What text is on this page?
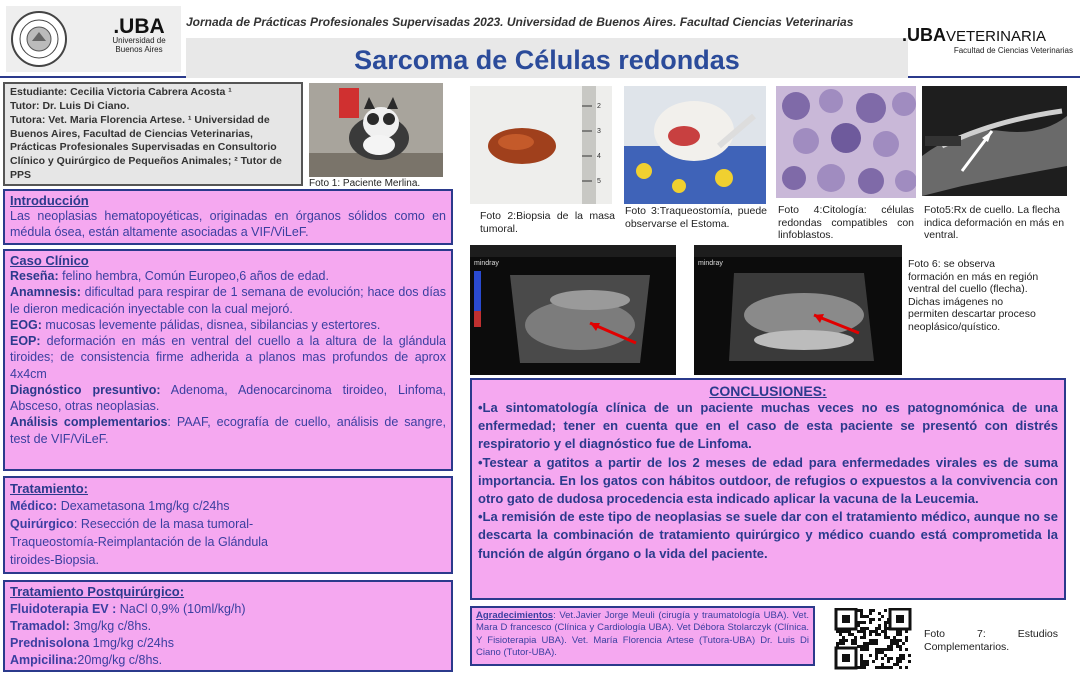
.UBA
Universidad de
Buenos Aires
Jornada de Prácticas Profesionales Supervisadas 2023. Universidad de Buenos Aires. Facultad Ciencias Veterinarias
Sarcoma de Células redondas
.UBAVETERINARIA
Facultad de Ciencias Veterinarias
Estudiante: Cecilia Victoria Cabrera Acosta ¹
Tutor: Dr. Luis Di Ciano.
Tutora: Vet. Maria Florencia Artese. ¹ Universidad de Buenos Aires, Facultad de Ciencias Veterinarias, Prácticas Profesionales Supervisadas en Consultorio Clínico y Quirúrgico de Pequeños Animales; ² Tutor de PPS
Foto 1: Paciente Merlina.
Introducción
Las neoplasias hematopoyéticas, originadas en órganos sólidos como en médula ósea, están altamente asociadas a VIF/ViLeF.
Caso Clínico
Reseña: felino hembra, Común Europeo,6 años de edad.
Anamnesis: dificultad para respirar de 1 semana de evolución; hace dos días le dieron medicación inyectable con la cual mejoró.
EOG: mucosas levemente pálidas, disnea, sibilancias y estertores.
EOP: deformación en más en ventral del cuello a la altura de la glándula tiroides; de consistencia firme adherida a planos mas profundos de aprox 4x4cm
Diagnóstico presuntivo: Adenoma, Adenocarcinoma tiroideo, Linfoma, Absceso, otras neoplasias.
Análisis complementarios: PAAF, ecografía de cuello, análisis de sangre, test de VIF/ViLeF.
Tratamiento:
Médico: Dexametasona 1mg/kg c/24hs
Quirúrgico: Resección de la masa tumoral-Traqueostomía-Reimplantación de la Glándula tiroides-Biopsia.
Tratamiento Postquirúrgico:
Fluidoterapia EV : NaCl 0,9% (10ml/kg/h)
Tramadol: 3mg/kg c/8hs.
Prednisolona 1mg/kg c/24hs
Ampicilina:20mg/kg c/8hs.
2
3
4
5
Foto 2:Biopsia de la masa tumoral.
Foto 3:Traqueostomía, puede observarse el Estoma.
Foto 4:Citología: células redondas compatibles con linfoblastos.
Foto5:Rx de cuello. La flecha indica deformación en más en ventral.
mindray	mindray	Foto 6: se observa formación en más en región ventral del cuello (flecha). Dichas imágenes no permiten descartar proceso neoplásico/quístico.
CONCLUSIONES:
•La sintomatología clínica de un paciente muchas veces no es patognomónica de una enfermedad; tener en cuenta que en el caso de esta paciente se presentó con distrés respiratorio y el diagnóstico fue de Linfoma.
•Testear a gatitos a partir de los 2 meses de edad para enfermedades virales es de suma importancia. En los gatos con hábitos outdoor, de refugios o expuestos a la convivencia con otro gato de dudosa procedencia esta indicado aplicar la vacuna de la Leucemia.
•La remisión de este tipo de neoplasias se suele dar con el tratamiento médico, aunque no se descarta la combinación de tratamiento quirúrgico y médico cuando está comprometida la función de algún órgano o la vida del paciente.
Agradecimientos: Vet.Javier Jorge Meuli (cirugía y traumatología UBA). Vet. Mara D francesco (Clínica y Cardiología UBA). Vet Débora Stolarczyk (Clínica. Y Fisioterapia UBA). Vet. María Florencia Artese (Tutora-UBA) Dr. Luis Di Ciano (Tutor-UBA).
Foto 7: Estudios Complementarios.
